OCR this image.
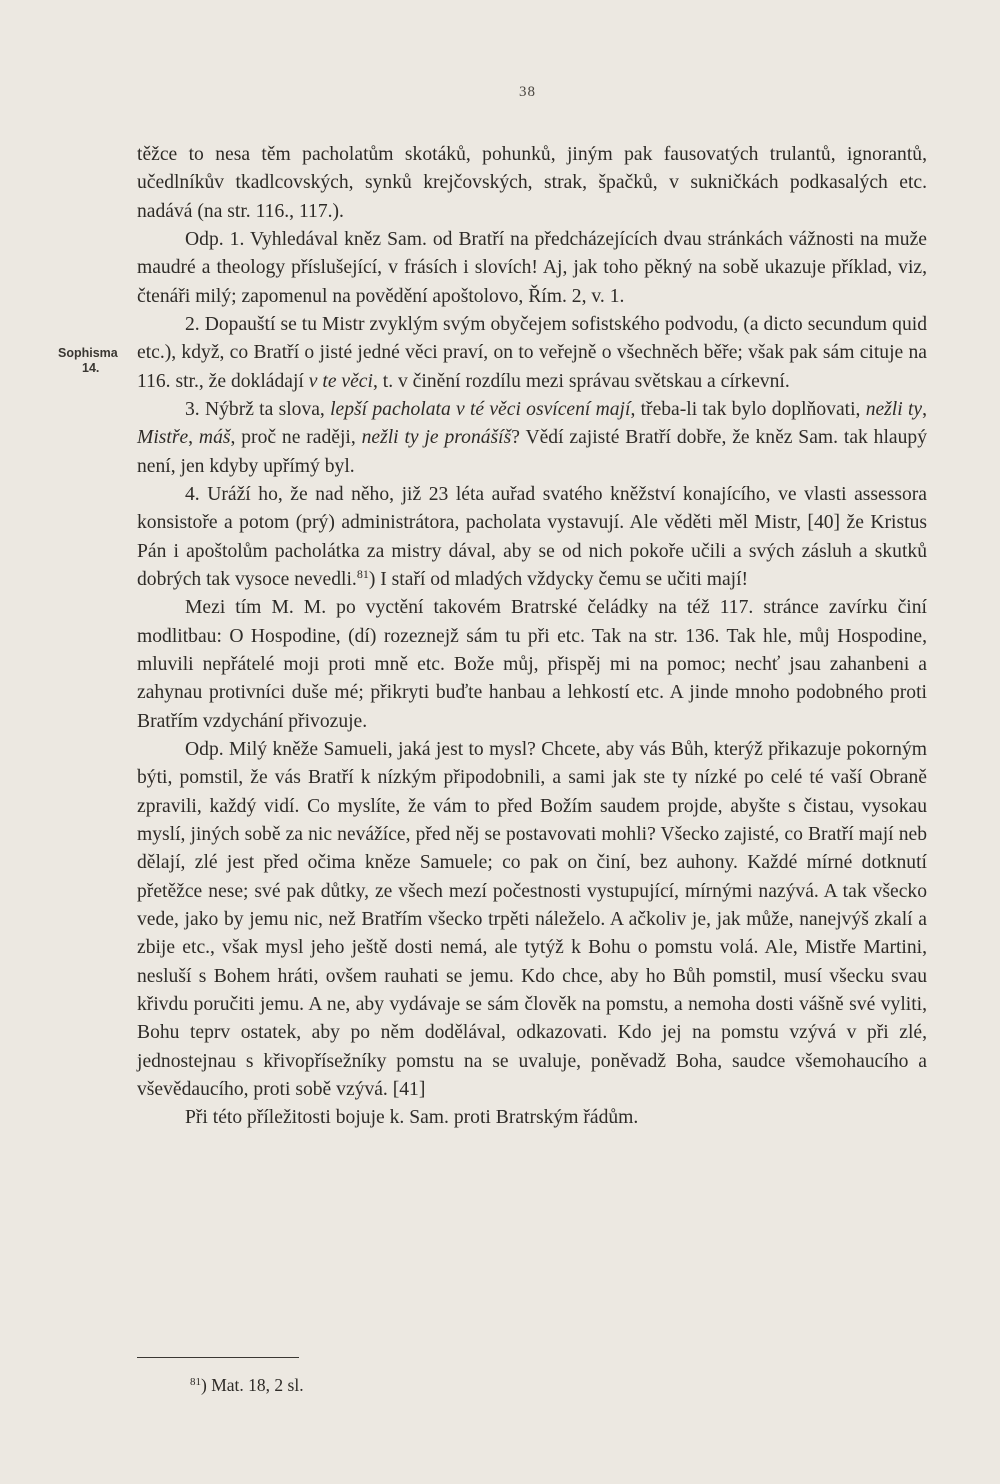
38
Sophisma
14.

těžce to nesa těm pacholatům skotáků, pohunků, jiným pak fausovatých trulantů, ignorantů, učedlníkův tkadlcovských, synků krejčovských, strak, špačků, v sukničkách podkasalých etc. nadává (na str. 116., 117.).

Odp. 1. Vyhledával kněz Sam. od Bratří na předcházejících dvau stránkách vážnosti na muže maudré a theology příslušející, v frásích i slovích! Aj, jak toho pěkný na sobě ukazuje příklad, viz, čtenáři milý; zapomenul na povědění apoštolovo, Řím. 2, v. 1.

2. Dopauští se tu Mistr zvyklým svým obyčejem sofistského podvodu, (a dicto secundum quid etc.), když, co Bratří o jisté jedné věci praví, on to veřejně o všechněch běře; však pak sám cituje na 116. str., že dokládají v te věci, t. v činění rozdílu mezi správau světskau a církevní.

3. Nýbrž ta slova, lepší pacholata v té věci osvícení mají, třeba-li tak bylo doplňovati, nežli ty, Mistře, máš, proč ne raději, nežli ty je pronášíš? Vědí zajisté Bratří dobře, že kněz Sam. tak hlaupý není, jen kdyby upřímý byl.

4. Uráží ho, že nad něho, již 23 léta auřad svatého kněžství konajícího, ve vlasti assessora konsistoře a potom (prý) administrátora, pacholata vystavují. Ale věděti měl Mistr, [40] že Kristus Pán i apoštolům pacholátka za mistry dával, aby se od nich pokoře učili a svých zásluh a skutků dobrých tak vysoce nevedli.$^{81}$) I staří od mladých vždycky čemu se učiti mají!

Mezi tím M. M. po vyctění takovém Bratrské čeládky na též 117. stránce zavírku činí modlitbau: O Hospodine, (dí) rozeznejž sám tu při etc. Tak na str. 136. Tak hle, můj Hospodine, mluvili nepřátelé moji proti mně etc. Bože můj, přispěj mi na pomoc; nechť jsau zahanbeni a zahynau protivníci duše mé; přikryti buďte hanbau a lehkostí etc. A jinde mnoho podobného proti Bratřím vzdychání přivozuje.

Odp. Milý kněže Samueli, jaká jest to mysl? Chcete, aby vás Bůh, kterýž přikazuje pokorným býti, pomstil, že vás Bratří k nízkým připodobnili, a sami jak ste ty nízké po celé té vaší Obraně zpravili, každý vidí. Co myslíte, že vám to před Božím saudem projde, abyšte s čistau, vysokau myslí, jiných sobě za nic nevážíce, před něj se postavovati mohli? Všecko zajisté, co Bratří mají neb dělají, zlé jest před očima kněze Samuele; co pak on činí, bez auhony. Každé mírné dotknutí přetěžce nese; své pak důtky, ze všech mezí počestnosti vystupující, mírnými nazývá. A tak všecko vede, jako by jemu nic, než Bratřím všecko trpěti náleželo. A ačkoliv je, jak může, nanejvýš zkalí a zbije etc., však mysl jeho ještě dosti nemá, ale tytýž k Bohu o pomstu volá. Ale, Mistře Martini, nesluší s Bohem hráti, ovšem rauhati se jemu. Kdo chce, aby ho Bůh pomstil, musí všecku svau křivdu poručiti jemu. A ne, aby vydávaje se sám člověk na pomstu, a nemoha dosti vášně své vyliti, Bohu teprv ostatek, aby po něm dodělával, odkazovati. Kdo jej na pomstu vzývá v při zlé, jednostejnau s křivopřísežníky pomstu na se uvaluje, poněvadž Boha, saudce všemohaucího a vševědaucího, proti sobě vzývá. [41]

Při této příležitosti bojuje k. Sam. proti Bratrským řádům.

$^{81}$) Mat. 18, 2 sl.
